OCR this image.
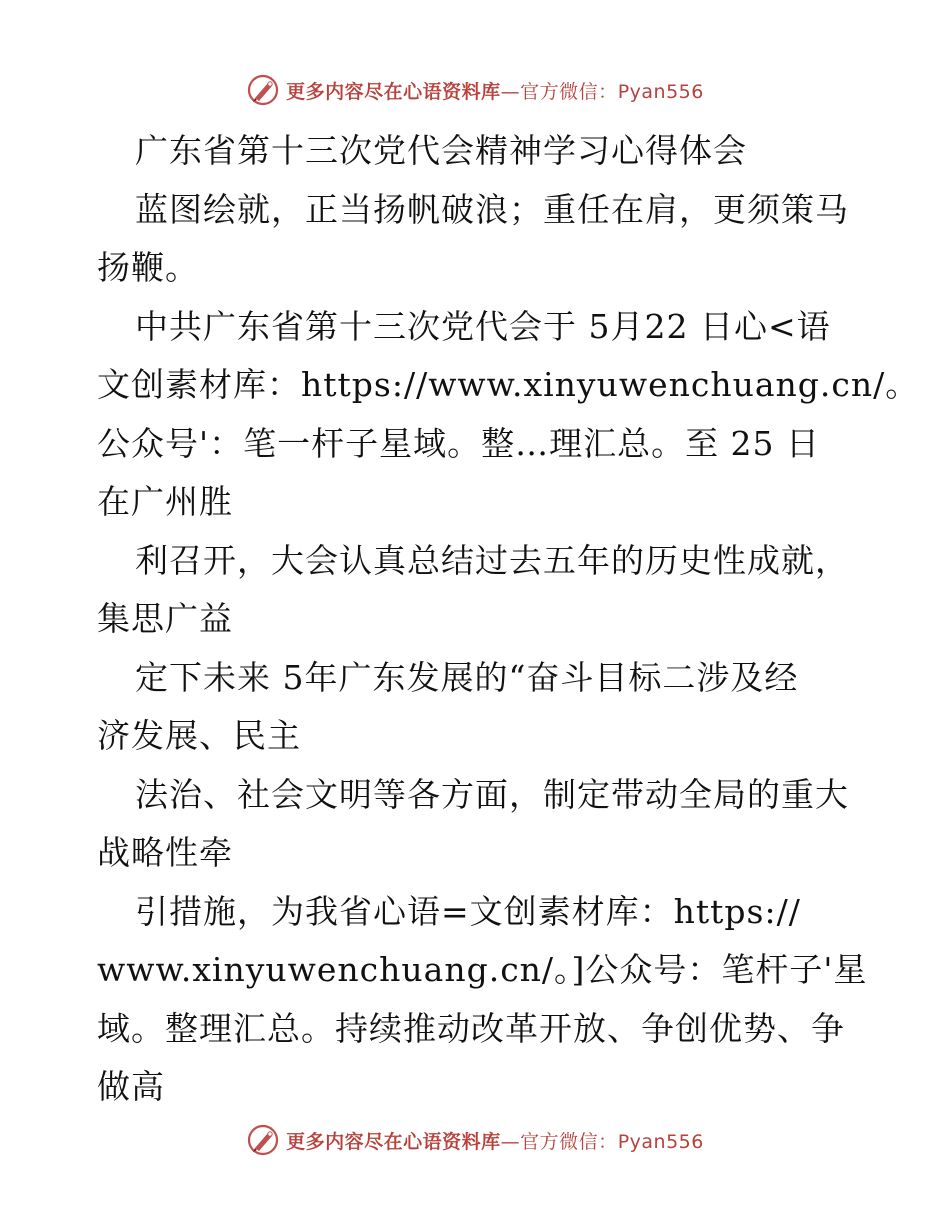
更多内容尽在心语资料库—官方微信：Pyan556
广东省第十三次党代会精神学习心得体会
蓝图绘就，正当扬帆破浪；重任在肩，更须策马
扬鞭。
中共广东省第十三次党代会于 5月22 日心<语
文创素材库：https://www.xinyuwenchuang.cn/。
公众号'：笔一杆子星域。整…理汇总。至 25 日
在广州胜
利召开，大会认真总结过去五年的历史性成就，
集思广益
定下未来 5年广东发展的“奋斗目标二涉及经
济发展、民主
法治、社会文明等各方面，制定带动全局的重大
战略性牵
引措施，为我省心语=文创素材库：https://
www.xinyuwenchuang.cn/。]公众号：笔杆子'星
域。整理汇总。持续推动改革开放、争创优势、争
做高
更多内容尽在心语资料库—官方微信：Pyan556
